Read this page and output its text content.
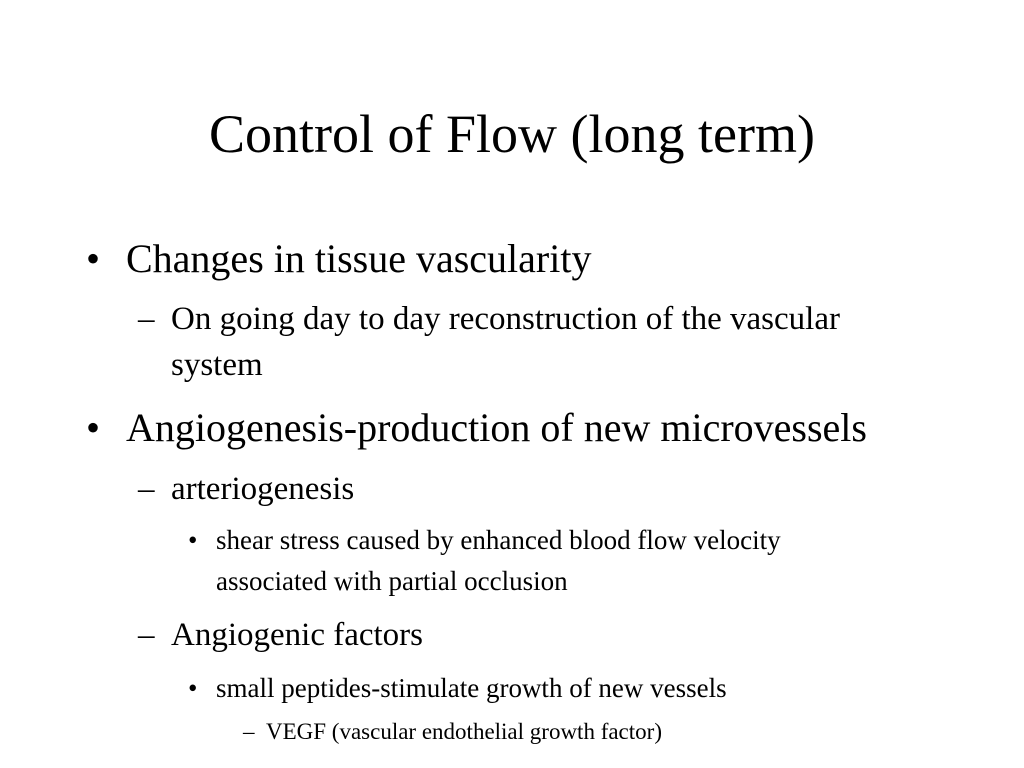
Control of Flow (long term)
• Changes in tissue vascularity
– On going day to day reconstruction of the vascular
system
• Angiogenesis-production of new microvessels
– arteriogenesis
• shear stress caused by enhanced blood flow velocity
associated with partial occlusion
– Angiogenic factors
• small peptides-stimulate growth of new vessels
– VEGF (vascular endothelial growth factor)
